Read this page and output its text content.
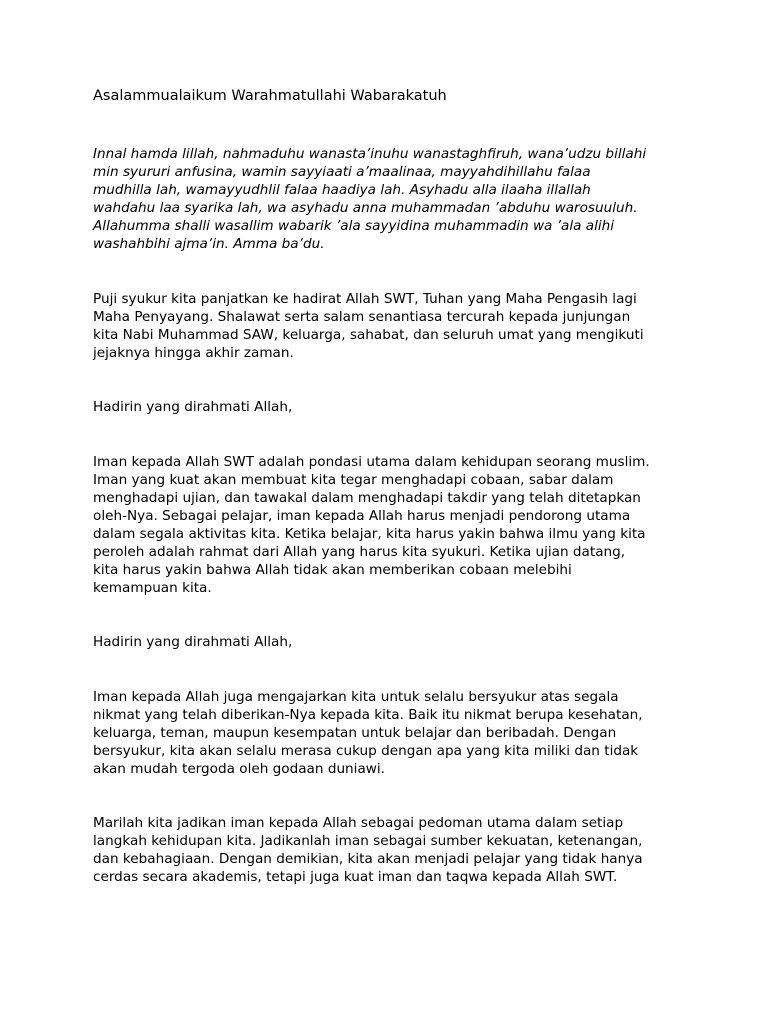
Asalammualaikum Warahmatullahi Wabarakatuh

Innal hamda lillah, nahmaduhu wanasta’inuhu wanastaghfiruh, wana’udzu billahi
min syururi anfusina, wamin sayyiaati a’maalinaa, mayyahdihillahu falaa
mudhilla lah, wamayyudhlil falaa haadiya lah. Asyhadu alla ilaaha illallah
wahdahu laa syarika lah, wa asyhadu anna muhammadan ’abduhu warosuuluh.
Allahumma shalli wasallim wabarik ’ala sayyidina muhammadin wa ’ala alihi
washahbihi ajma’in. Amma ba’du.

Puji syukur kita panjatkan ke hadirat Allah SWT, Tuhan yang Maha Pengasih lagi
Maha Penyayang. Shalawat serta salam senantiasa tercurah kepada junjungan
kita Nabi Muhammad SAW, keluarga, sahabat, dan seluruh umat yang mengikuti
jejaknya hingga akhir zaman.

Hadirin yang dirahmati Allah,

Iman kepada Allah SWT adalah pondasi utama dalam kehidupan seorang muslim.
Iman yang kuat akan membuat kita tegar menghadapi cobaan, sabar dalam
menghadapi ujian, dan tawakal dalam menghadapi takdir yang telah ditetapkan
oleh-Nya. Sebagai pelajar, iman kepada Allah harus menjadi pendorong utama
dalam segala aktivitas kita. Ketika belajar, kita harus yakin bahwa ilmu yang kita
peroleh adalah rahmat dari Allah yang harus kita syukuri. Ketika ujian datang,
kita harus yakin bahwa Allah tidak akan memberikan cobaan melebihi
kemampuan kita.

Hadirin yang dirahmati Allah,

Iman kepada Allah juga mengajarkan kita untuk selalu bersyukur atas segala
nikmat yang telah diberikan-Nya kepada kita. Baik itu nikmat berupa kesehatan,
keluarga, teman, maupun kesempatan untuk belajar dan beribadah. Dengan
bersyukur, kita akan selalu merasa cukup dengan apa yang kita miliki dan tidak
akan mudah tergoda oleh godaan duniawi.

Marilah kita jadikan iman kepada Allah sebagai pedoman utama dalam setiap
langkah kehidupan kita. Jadikanlah iman sebagai sumber kekuatan, ketenangan,
dan kebahagiaan. Dengan demikian, kita akan menjadi pelajar yang tidak hanya
cerdas secara akademis, tetapi juga kuat iman dan taqwa kepada Allah SWT.
